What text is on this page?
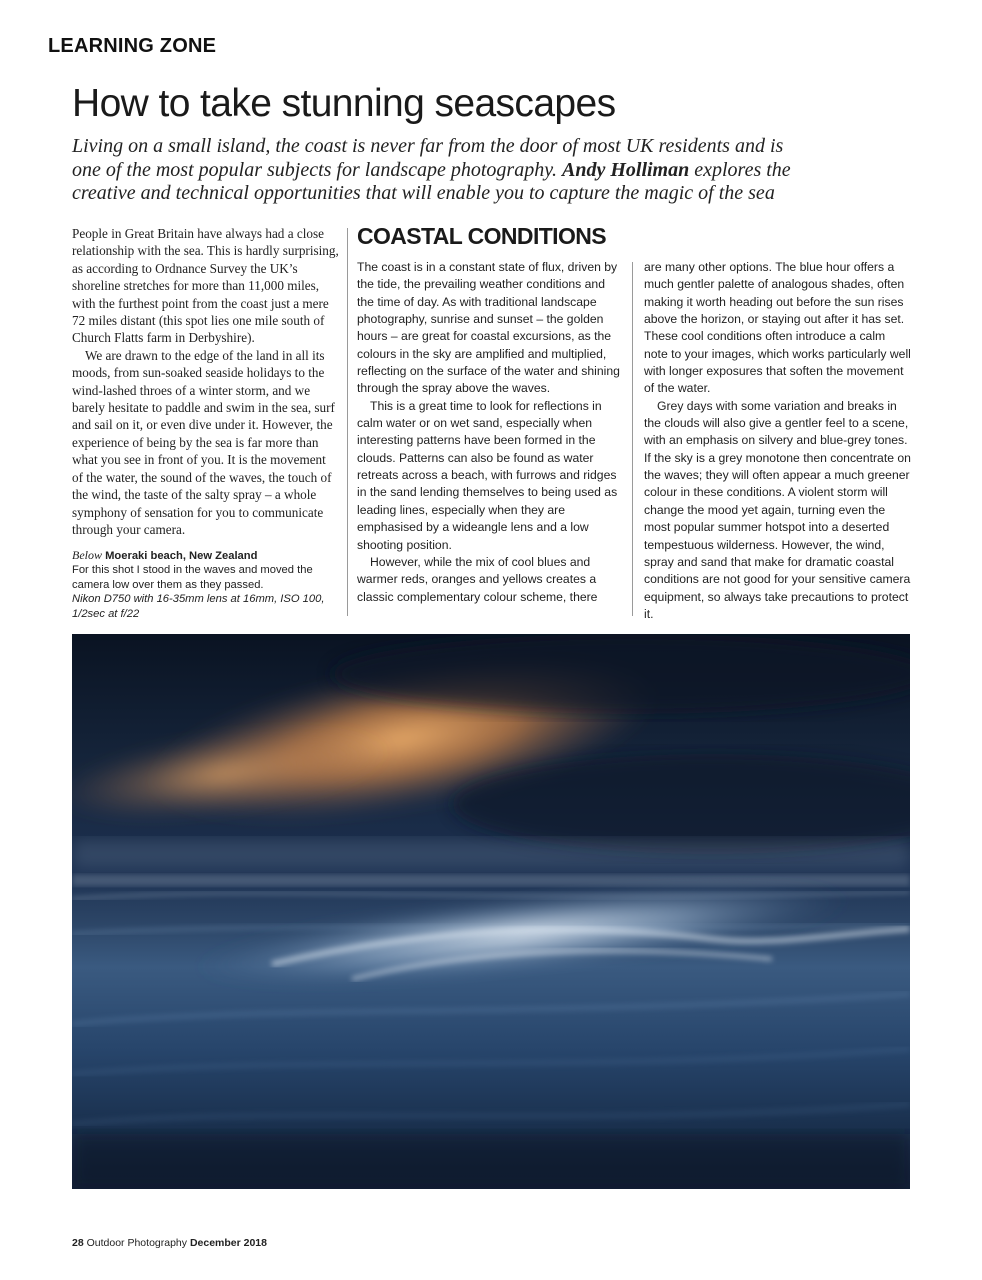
LEARNING ZONE
How to take stunning seascapes

Living on a small island, the coast is never far from the door of most UK residents and is one of the most popular subjects for landscape photography. Andy Holliman explores the creative and technical opportunities that will enable you to capture the magic of the sea

People in Great Britain have always had a close relationship with the sea. This is hardly surprising, as according to Ordnance Survey the UK’s shoreline stretches for more than 11,000 miles, with the furthest point from the coast just a mere 72 miles distant (this spot lies one mile south of Church Flatts farm in Derbyshire).

We are drawn to the edge of the land in all its moods, from sun-soaked seaside holidays to the wind-lashed throes of a winter storm, and we barely hesitate to paddle and swim in the sea, surf and sail on it, or even dive under it. However, the experience of being by the sea is far more than what you see in front of you. It is the movement of the water, the sound of the waves, the touch of the wind, the taste of the salty spray – a whole symphony of sensation for you to communicate through your camera.

Below Moeraki beach, New Zealand
For this shot I stood in the waves and moved the camera low over them as they passed.
Nikon D750 with 16-35mm lens at 16mm, ISO 100, 1/2sec at f/22
COASTAL CONDITIONS

The coast is in a constant state of flux, driven by the tide, the prevailing weather conditions and the time of day. As with traditional landscape photography, sunrise and sunset – the golden hours – are great for coastal excursions, as the colours in the sky are amplified and multiplied, reflecting on the surface of the water and shining through the spray above the waves.

This is a great time to look for reflections in calm water or on wet sand, especially when interesting patterns have been formed in the clouds. Patterns can also be found as water retreats across a beach, with furrows and ridges in the sand lending themselves to being used as leading lines, especially when they are emphasised by a wideangle lens and a low shooting position.

However, while the mix of cool blues and warmer reds, oranges and yellows creates a classic complementary colour scheme, there

are many other options. The blue hour offers a much gentler palette of analogous shades, often making it worth heading out before the sun rises above the horizon, or staying out after it has set. These cool conditions often introduce a calm note to your images, which works particularly well with longer exposures that soften the movement of the water.

Grey days with some variation and breaks in the clouds will also give a gentler feel to a scene, with an emphasis on silvery and blue-grey tones. If the sky is a grey monotone then concentrate on the waves; they will often appear a much greener colour in these conditions. A violent storm will change the mood yet again, turning even the most popular summer hotspot into a deserted tempestuous wilderness. However, the wind, spray and sand that make for dramatic coastal conditions are not good for your sensitive camera equipment, so always take precautions to protect it.

28 Outdoor Photography December 2018
